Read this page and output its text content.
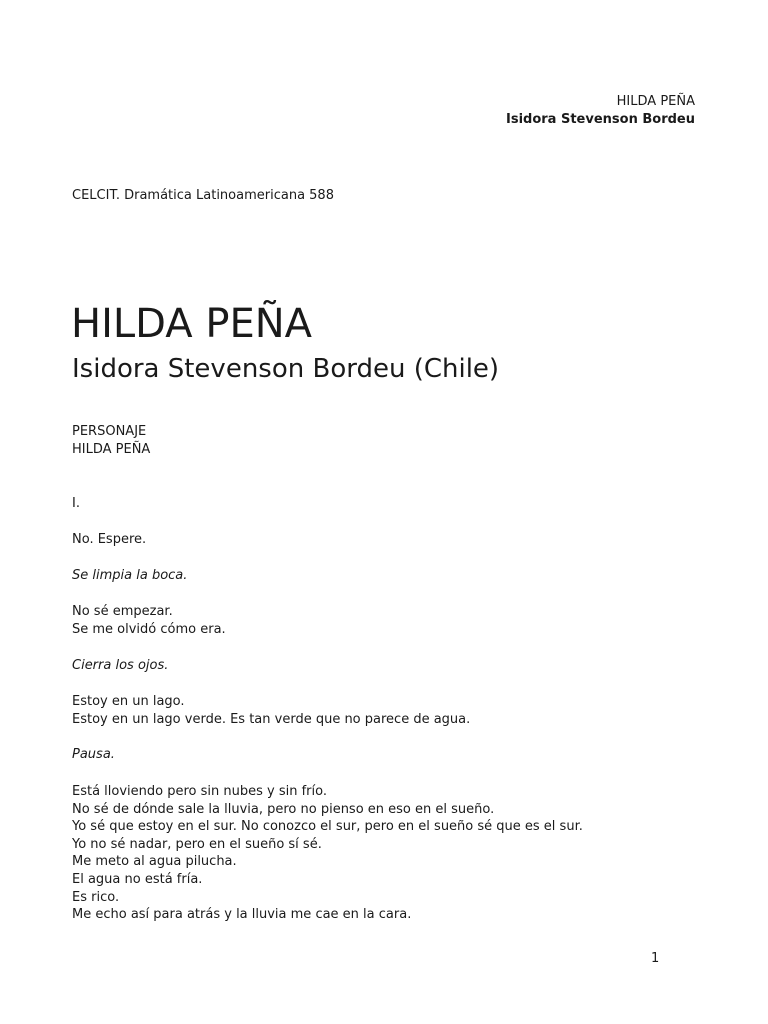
HILDA PEÑA
Isidora Stevenson Bordeu
CELCIT. Dramática Latinoamericana 588
HILDA PEÑA
Isidora Stevenson Bordeu (Chile)
PERSONAJE
HILDA PEÑA
I.
No. Espere.
Se limpia la boca.
No sé empezar.
Se me olvidó cómo era.
Cierra los ojos.
Estoy en un lago.
Estoy en un lago verde. Es tan verde que no parece de agua.
Pausa.
Está lloviendo pero sin nubes y sin frío.
No sé de dónde sale la lluvia, pero no pienso en eso en el sueño.
Yo sé que estoy en el sur. No conozco el sur, pero en el sueño sé que es el sur.
Yo no sé nadar, pero en el sueño sí sé.
Me meto al agua pilucha.
El agua no está fría.
Es rico.
Me echo así para atrás y la lluvia me cae en la cara.
1
